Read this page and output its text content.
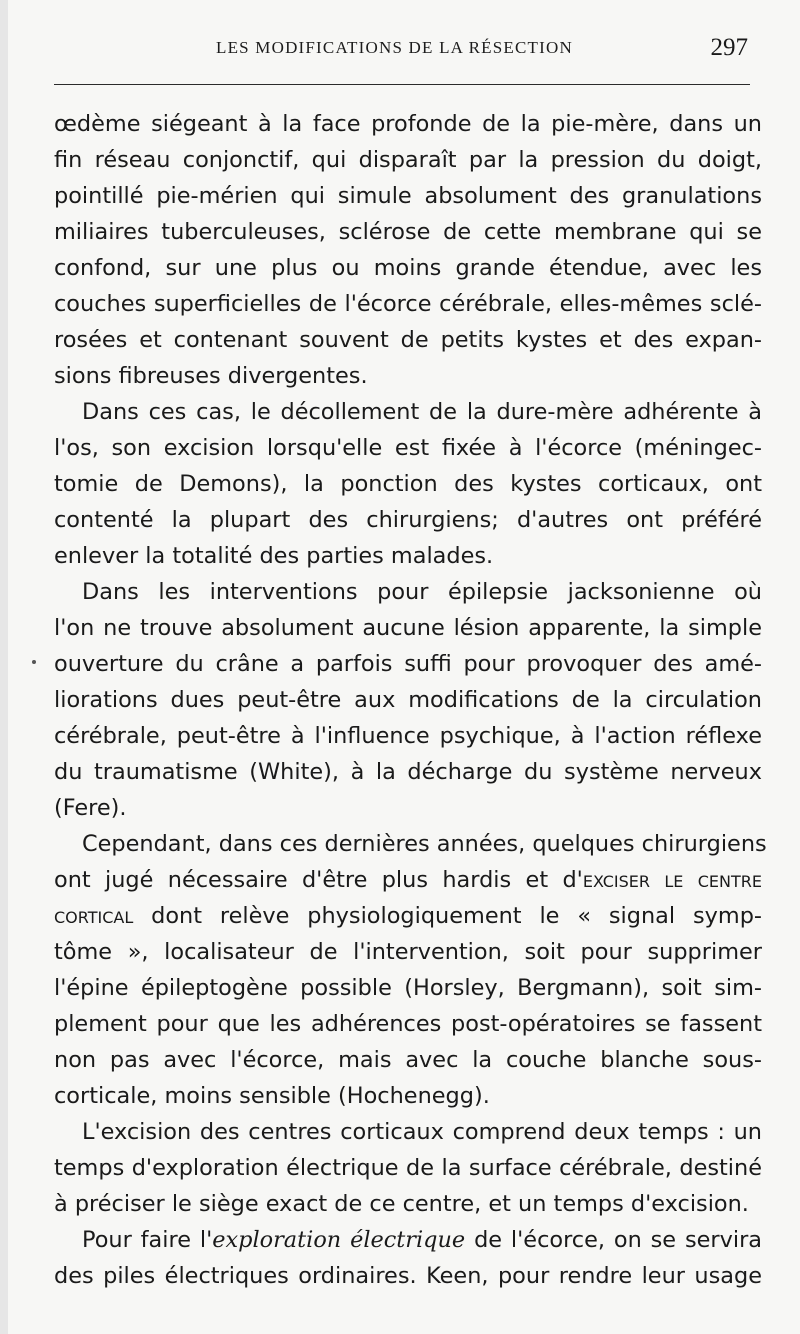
LES MODIFICATIONS DE LA RÉSECTION	297
œdème siégeant à la face profonde de la pie-mère, dans un
fin réseau conjonctif, qui disparaît par la pression du doigt,
pointillé pie-mérien qui simule absolument des granulations
miliaires tuberculeuses, sclérose de cette membrane qui se
confond, sur une plus ou moins grande étendue, avec les
couches superficielles de l'écorce cérébrale, elles-mêmes sclé-
rosées et contenant souvent de petits kystes et des expan-
sions fibreuses divergentes.
Dans ces cas, le décollement de la dure-mère adhérente à
l'os, son excision lorsqu'elle est fixée à l'écorce (méningec-
tomie de Demons), la ponction des kystes corticaux, ont
contenté la plupart des chirurgiens; d'autres ont préféré
enlever la totalité des parties malades.
Dans les interventions pour épilepsie jacksonienne où
l'on ne trouve absolument aucune lésion apparente, la simple
ouverture du crâne a parfois suffi pour provoquer des amé-
liorations dues peut-être aux modifications de la circulation
cérébrale, peut-être à l'influence psychique, à l'action réflexe
du traumatisme (White), à la décharge du système nerveux
(Fere).
Cependant, dans ces dernières années, quelques chirurgiens
ont jugé nécessaire d'être plus hardis et d'exciser le centre
cortical dont relève physiologiquement le « signal symp-
tôme », localisateur de l'intervention, soit pour supprimer
l'épine épileptogène possible (Horsley, Bergmann), soit sim-
plement pour que les adhérences post-opératoires se fassent
non pas avec l'écorce, mais avec la couche blanche sous-
corticale, moins sensible (Hochenegg).
L'excision des centres corticaux comprend deux temps : un
temps d'exploration électrique de la surface cérébrale, destiné
à préciser le siège exact de ce centre, et un temps d'excision.
Pour faire l'exploration électrique de l'écorce, on se servira
des piles électriques ordinaires. Keen, pour rendre leur usage
